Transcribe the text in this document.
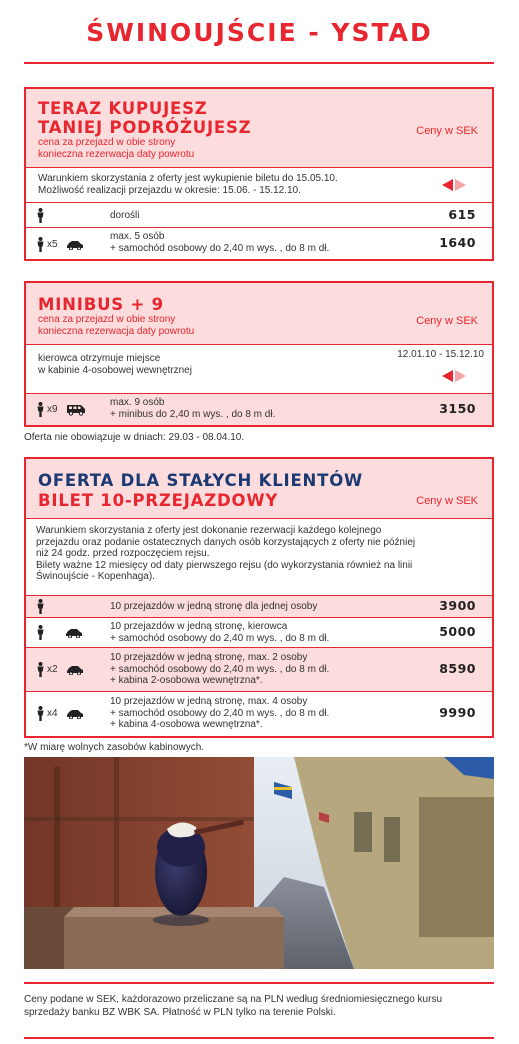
ŚWINOUJŚCIE - YSTAD
TERAZ KUPUJESZ
TANIEJ PODRÓŻUJESZ
cena za przejazd w obie strony
konieczna rezerwacja daty powrotu
Ceny w SEK
Warunkiem skorzystania z oferty jest wykupienie biletu do 15.05.10.
Możliwość realizacji przejazdu w okresie: 15.06. - 15.12.10.
dorośli	615
x5
max. 5 osób
+ samochód osobowy do 2,40 m wys. , do 8 m dł.	1640
MINIBUS + 9
cena za przejazd w obie strony
konieczna rezerwacja daty powrotu
Ceny w SEK
kierowca otrzymuje miejsce
w kabinie 4-osobowej wewnętrznej
12.01.10 - 15.12.10
x9
max. 9 osób
+ minibus do 2,40 m wys. , do 8 m dł.	3150
Oferta nie obowiązuje w dniach: 29.03 - 08.04.10.
OFERTA DLA STAŁYCH KLIENTÓW
BILET 10-PRZEJAZDOWY	Ceny w SEK
Warunkiem skorzystania z oferty jest dokonanie rezerwacji każdego kolejnego
przejazdu oraz podanie ostatecznych danych osób korzystających z oferty nie później
niż 24 godz. przed rozpoczęciem rejsu.
Bilety ważne 12 miesięcy od daty pierwszego rejsu (do wykorzystania również na linii
Świnoujście - Kopenhaga).
10 przejazdów w jedną stronę dla jednej osoby	3900
10 przejazdów w jedną stronę, kierowca
+ samochód osobowy do 2,40 m wys. , do 8 m dł.	5000
x2
10 przejazdów w jedną stronę, max. 2 osoby
+ samochód osobowy do 2,40 m wys. , do 8 m dł.
+ kabina 2-osobowa wewnętrzna*.
8590
x4
10 przejazdów w jedną stronę, max. 4 osoby
+ samochód osobowy do 2,40 m wys. , do 8 m dł.
+ kabina 4-osobowa wewnętrzna*.
9990
*W miarę wolnych zasobów kabinowych.
Ceny podane w SEK, każdorazowo przeliczane są na PLN według średniomiesięcznego kursu
sprzedaży banku BZ WBK SA. Płatność w PLN tylko na terenie Polski.
